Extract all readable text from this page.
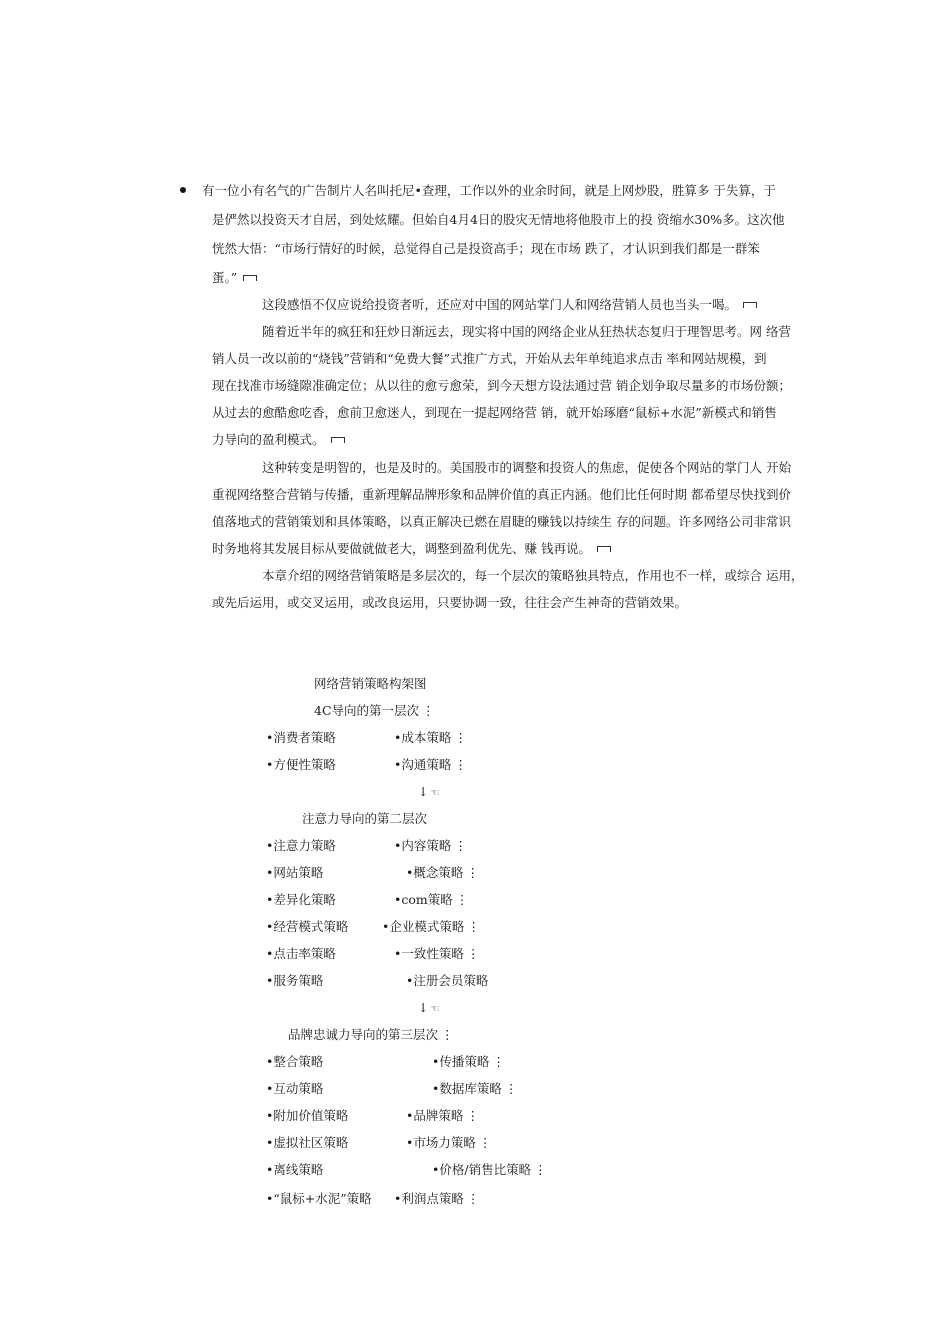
有一位小有名气的广告制片人名叫托尼•查理，工作以外的业余时间，就是上网炒股，胜算多 于失算，于
是俨然以投资天才自居，到处炫耀。但始自4月4日的股灾无情地将他股市上的投 资缩水30%多。这次他
恍然大悟：“市场行情好的时候，总觉得自己是投资高手；现在市场 跌了，才认识到我们都是一群笨
蛋。”
这段感悟不仅应说给投资者听，还应对中国的网站掌门人和网络营销人员也当头一喝。
随着近半年的疯狂和狂炒日渐远去，现实将中国的网络企业从狂热状态复归于理智思考。网 络营
销人员一改以前的“烧钱”营销和“免费大餐”式推广方式，开始从去年单纯追求点击 率和网站规模，到
现在找准市场缝隙准确定位；从以往的愈亏愈荣，到今天想方设法通过营 销企划争取尽量多的市场份额；
从过去的愈酷愈吃香，愈前卫愈迷人，到现在一提起网络营 销，就开始琢磨“鼠标+水泥”新模式和销售
力导向的盈利模式。
这种转变是明智的，也是及时的。美国股市的调整和投资人的焦虑，促使各个网站的掌门人 开始
重视网络整合营销与传播，重新理解品牌形象和品牌价值的真正内涵。他们比任何时期 都希望尽快找到价
值落地式的营销策划和具体策略，以真正解决已燃在眉睫的赚钱以持续生 存的问题。许多网络公司非常识
时务地将其发展目标从要做就做老大，调整到盈利优先、赚 钱再说。
本章介绍的网络营销策略是多层次的，每一个层次的策略独具特点，作用也不一样，或综合 运用，
或先后运用，或交叉运用，或改良运用，只要协调一致，往往会产生神奇的营销效果。
网络营销策略构架图
4C导向的第一层次 ⋮
•消费者策略	•成本策略 ⋮
•方便性策略	•沟通策略 ⋮
↓ ☜
注意力导向的第二层次
•注意力策略	•内容策略 ⋮
•网站策略	•概念策略 ⋮
•差异化策略	•com策略 ⋮
•经营模式策略	•企业模式策略 ⋮
•点击率策略	•一致性策略 ⋮
•服务策略	•注册会员策略
↓ ☜
品牌忠诚力导向的第三层次 ⋮
•整合策略	•传播策略 ⋮
•互动策略	•数据库策略 ⋮
•附加价值策略	•品牌策略 ⋮
•虚拟社区策略	•市场力策略 ⋮
•离线策略	•价格/销售比策略 ⋮
•“鼠标+水泥”策略 •利润点策略 ⋮
